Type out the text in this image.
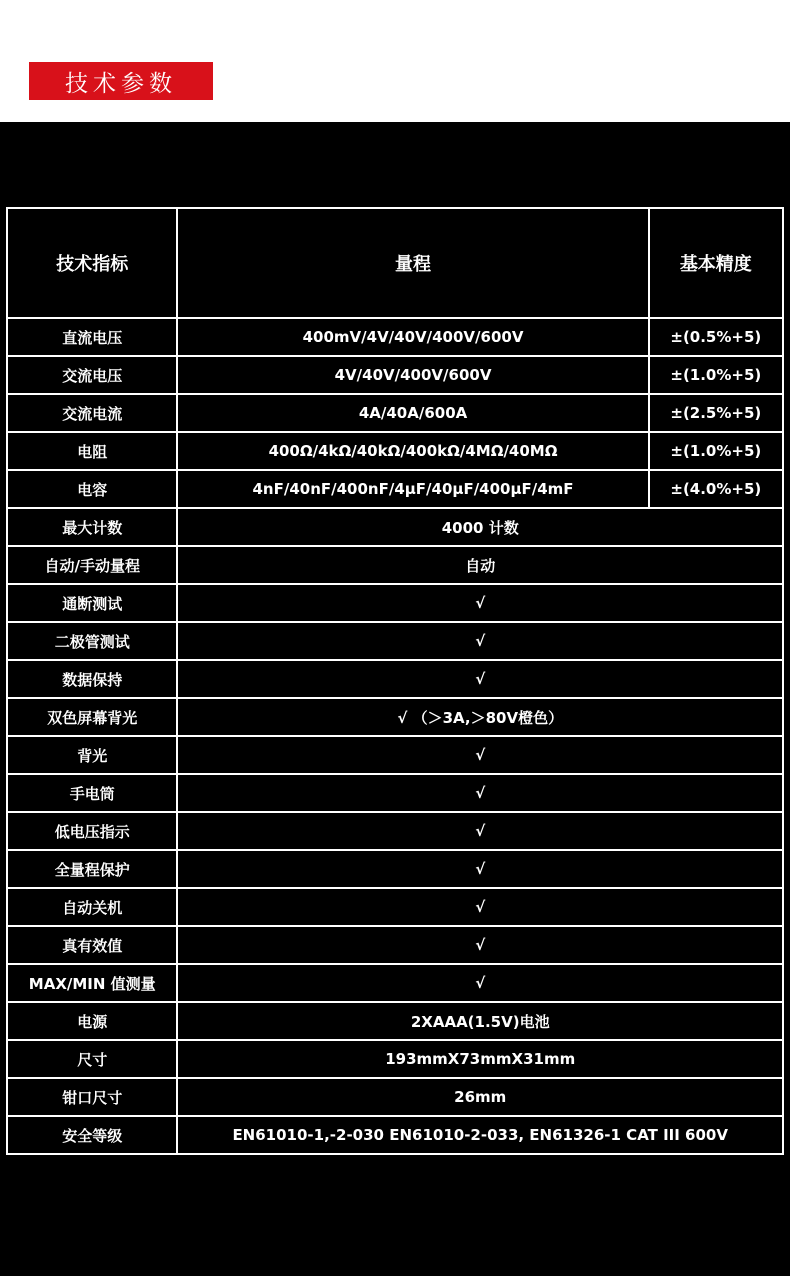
技术参数
技术指标	量程	基本精度
直流电压	400mV/4V/40V/400V/600V	±(0.5%+5)
交流电压	4V/40V/400V/600V	±(1.0%+5)
交流电流	4A/40A/600A	±(2.5%+5)
电阻	400Ω/4kΩ/40kΩ/400kΩ/4MΩ/40MΩ	±(1.0%+5)
电容	4nF/40nF/400nF/4μF/40μF/400μF/4mF	±(4.0%+5)
最大计数	4000 计数	
自动/手动量程	自动	
通断测试	√	
二极管测试	√	
数据保持	√	
双色屏幕背光	√ （＞3A,＞80V橙色）	
背光	√	
手电筒	√	
低电压指示	√	
全量程保护	√	
自动关机	√	
真有效值	√	
MAX/MIN 值测量	√	
电源	2XAAA(1.5V)电池	
尺寸	193mmX73mmX31mm	
钳口尺寸	26mm	
安全等级	EN61010-1,-2-030 EN61010-2-033, EN61326-1 CAT III 600V	
